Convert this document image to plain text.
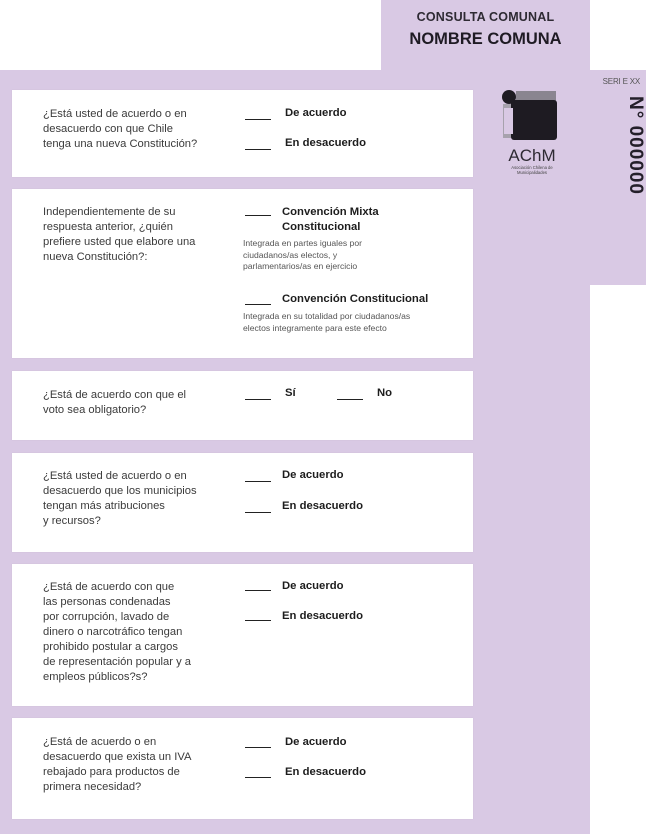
CONSULTA COMUNAL
NOMBRE COMUNA
SERI E XX
N° 000000
AChM
Asociación Chilena de Municipalidades
¿Está usted de acuerdo o en
desacuerdo con que Chile
tenga una nueva Constitución?
De acuerdo
En desacuerdo
Independientemente de su
respuesta anterior, ¿quién
prefiere usted que elabore una
nueva Constitución?:
Convención Mixta
Constitucional
Integrada en partes iguales por
ciudadanos/as electos, y
parlamentarios/as en ejercicio
Convención Constitucional
Integrada en su totalidad por ciudadanos/as
electos integramente para este efecto
¿Está de acuerdo con que el
voto sea obligatorio?
Sí	No
¿Está usted de acuerdo o en
desacuerdo que los municipios
tengan más atribuciones
y recursos?
De acuerdo
En desacuerdo
¿Está de acuerdo con que
las personas condenadas
por corrupción, lavado de
dinero o narcotráfico tengan
prohibido postular a cargos
de representación popular y a
empleos públicos?s?
De acuerdo
En desacuerdo
¿Está de acuerdo o en
desacuerdo que exista un IVA
rebajado para productos de
primera necesidad?
De acuerdo
En desacuerdo
